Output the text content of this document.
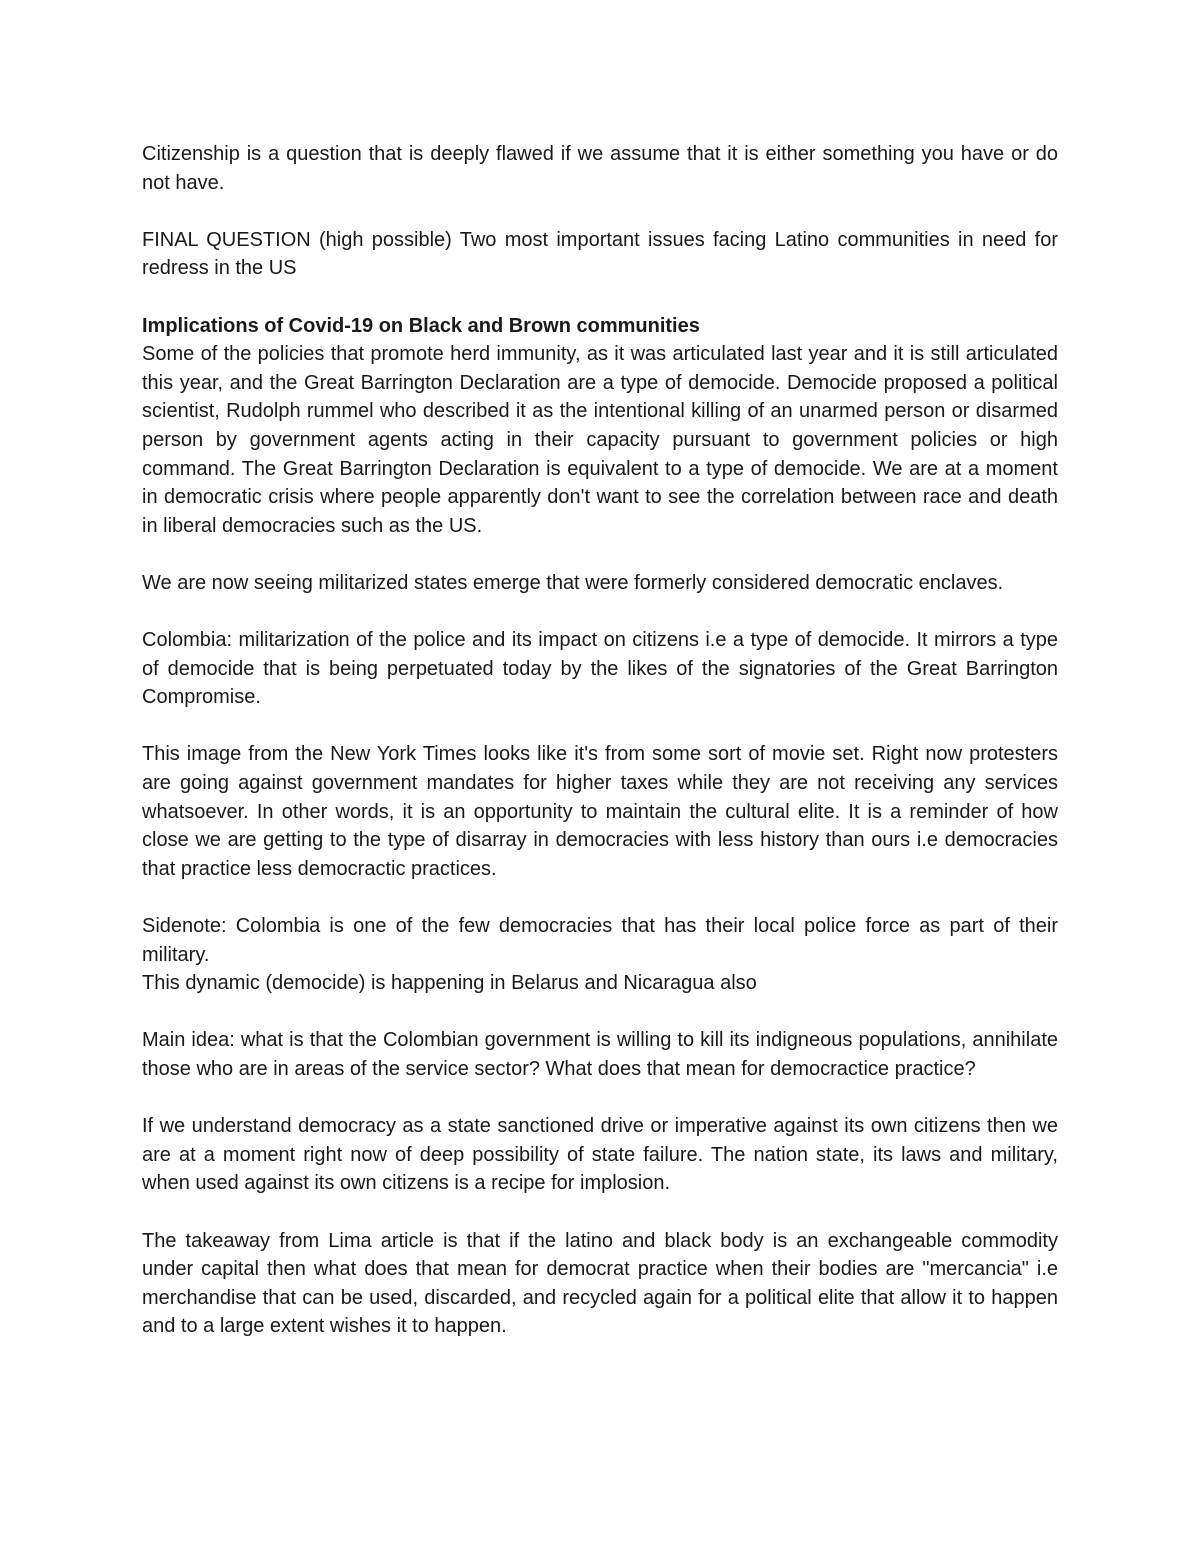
Citizenship is a question that is deeply flawed if we assume that it is either something you have or do not have.

FINAL QUESTION (high possible) Two most important issues facing Latino communities in need for redress in the US

Implications of Covid-19 on Black and Brown communities

Some of the policies that promote herd immunity, as it was articulated last year and it is still articulated this year, and the Great Barrington Declaration are a type of democide. Democide proposed a political scientist, Rudolph rummel who described it as the intentional killing of an unarmed person or disarmed person by government agents acting in their capacity pursuant to government policies or high command. The Great Barrington Declaration is equivalent to a type of democide. We are at a moment in democratic crisis where people apparently don't want to see the correlation between race and death in liberal democracies such as the US.

We are now seeing militarized states emerge that were formerly considered democratic enclaves.

Colombia: militarization of the police and its impact on citizens i.e a type of democide. It mirrors a type of democide that is being perpetuated today by the likes of the signatories of the Great Barrington Compromise.

This image from the New York Times looks like it's from some sort of movie set. Right now protesters are going against government mandates for higher taxes while they are not receiving any services whatsoever. In other words, it is an opportunity to maintain the cultural elite. It is a reminder of how close we are getting to the type of disarray in democracies with less history than ours i.e democracies that practice less democractic practices.

Sidenote: Colombia is one of the few democracies that has their local police force as part of their military.

This dynamic (democide) is happening in Belarus and Nicaragua also

Main idea: what is that the Colombian government is willing to kill its indigneous populations, annihilate those who are in areas of the service sector? What does that mean for democractice practice?

If we understand democracy as a state sanctioned drive or imperative against its own citizens then we are at a moment right now of deep possibility of state failure. The nation state, its laws and military, when used against its own citizens is a recipe for implosion.

The takeaway from Lima article is that if the latino and black body is an exchangeable commodity under capital then what does that mean for democrat practice when their bodies are "mercancia" i.e merchandise that can be used, discarded, and recycled again for a political elite that allow it to happen and to a large extent wishes it to happen.
